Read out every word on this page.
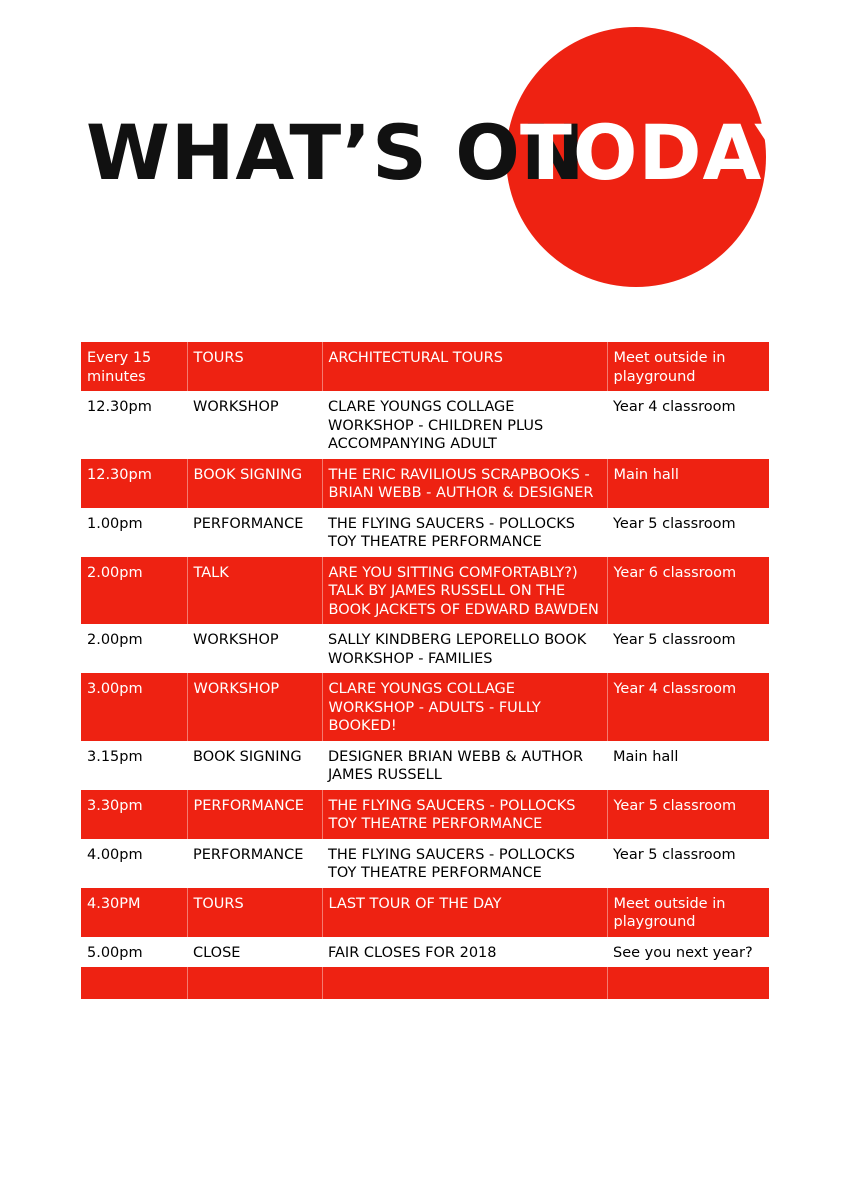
WHAT’S ON
TODAY
Every 15 minutes	TOURS	ARCHITECTURAL TOURS	Meet outside in playground
12.30pm	WORKSHOP	CLARE YOUNGS COLLAGE WORKSHOP - CHILDREN PLUS ACCOMPANYING ADULT	Year 4 classroom
12.30pm	BOOK SIGNING	THE ERIC RAVILIOUS SCRAPBOOKS - BRIAN WEBB - AUTHOR & DESIGNER	Main hall
1.00pm	PERFORMANCE	THE FLYING SAUCERS - POLLOCKS TOY THEATRE PERFORMANCE	Year 5 classroom
2.00pm	TALK	ARE YOU SITTING COMFORTABLY?) TALK BY JAMES RUSSELL ON THE BOOK JACKETS OF EDWARD BAWDEN	Year 6 classroom
2.00pm	WORKSHOP	SALLY KINDBERG LEPORELLO BOOK WORKSHOP - FAMILIES	Year 5 classroom
3.00pm	WORKSHOP	CLARE YOUNGS COLLAGE WORKSHOP - ADULTS - FULLY BOOKED!	Year 4 classroom
3.15pm	BOOK SIGNING	DESIGNER BRIAN WEBB & AUTHOR JAMES RUSSELL	Main hall
3.30pm	PERFORMANCE	THE FLYING SAUCERS - POLLOCKS TOY THEATRE PERFORMANCE	Year 5 classroom
4.00pm	PERFORMANCE	THE FLYING SAUCERS - POLLOCKS TOY THEATRE PERFORMANCE	Year 5 classroom
4.30PM	TOURS	LAST TOUR OF THE DAY	Meet outside in playground
5.00pm	CLOSE	FAIR CLOSES FOR 2018	See you next year?
